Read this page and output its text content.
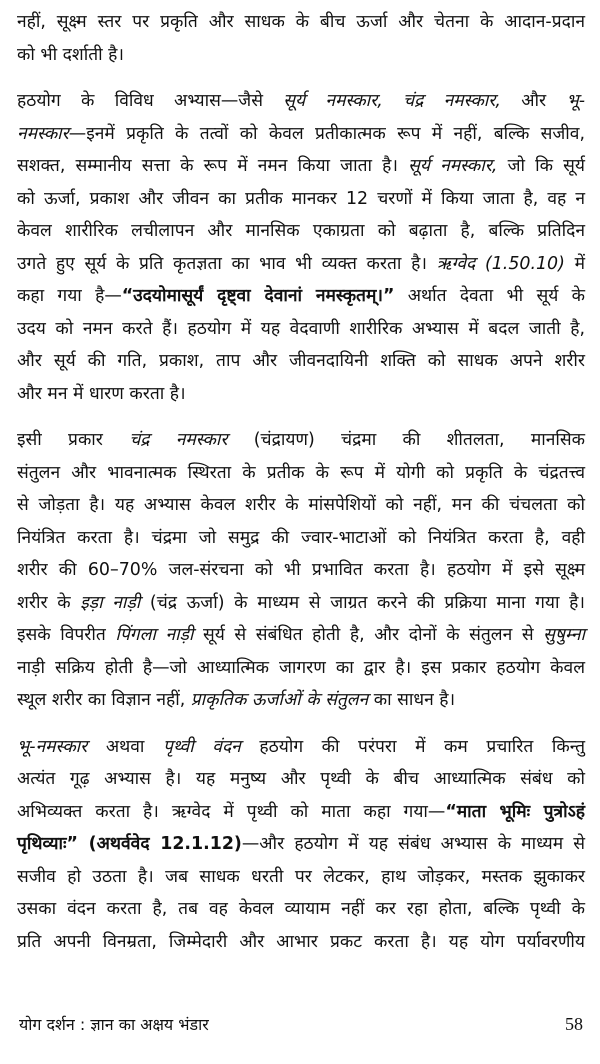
नहीं, सूक्ष्म स्तर पर प्रकृति और साधक के बीच ऊर्जा और चेतना के आदान-प्रदान
को भी दर्शाती है।
हठयोग के विविध अभ्यास—जैसे सूर्य नमस्कार, चंद्र नमस्कार, और भू-
नमस्कार—इनमें प्रकृति के तत्वों को केवल प्रतीकात्मक रूप में नहीं, बल्कि सजीव,
सशक्त, सम्मानीय सत्ता के रूप में नमन किया जाता है। सूर्य नमस्कार, जो कि सूर्य
को ऊर्जा, प्रकाश और जीवन का प्रतीक मानकर 12 चरणों में किया जाता है, वह न
केवल शारीरिक लचीलापन और मानसिक एकाग्रता को बढ़ाता है, बल्कि प्रतिदिन
उगते हुए सूर्य के प्रति कृतज्ञता का भाव भी व्यक्त करता है। ऋग्वेद (1.50.10) में
कहा गया है—“उदयोमासूर्यं दृष्ट्वा देवानां नमस्कृतम्।” अर्थात देवता भी सूर्य के
उदय को नमन करते हैं। हठयोग में यह वेदवाणी शारीरिक अभ्यास में बदल जाती है,
और सूर्य की गति, प्रकाश, ताप और जीवनदायिनी शक्ति को साधक अपने शरीर
और मन में धारण करता है।
इसी प्रकार चंद्र नमस्कार (चंद्रायण) चंद्रमा की शीतलता, मानसिक
संतुलन और भावनात्मक स्थिरता के प्रतीक के रूप में योगी को प्रकृति के चंद्रतत्त्व
से जोड़ता है। यह अभ्यास केवल शरीर के मांसपेशियों को नहीं, मन की चंचलता को
नियंत्रित करता है। चंद्रमा जो समुद्र की ज्वार-भाटाओं को नियंत्रित करता है, वही
शरीर की 60–70% जल-संरचना को भी प्रभावित करता है। हठयोग में इसे सूक्ष्म
शरीर के इड़ा नाड़ी (चंद्र ऊर्जा) के माध्यम से जाग्रत करने की प्रक्रिया माना गया है।
इसके विपरीत पिंगला नाड़ी सूर्य से संबंधित होती है, और दोनों के संतुलन से सुषुम्ना
नाड़ी सक्रिय होती है—जो आध्यात्मिक जागरण का द्वार है। इस प्रकार हठयोग केवल
स्थूल शरीर का विज्ञान नहीं, प्राकृतिक ऊर्जाओं के संतुलन का साधन है।
भू-नमस्कार अथवा पृथ्वी वंदन हठयोग की परंपरा में कम प्रचारित किन्तु
अत्यंत गूढ़ अभ्यास है। यह मनुष्य और पृथ्वी के बीच आध्यात्मिक संबंध को
अभिव्यक्त करता है। ऋग्वेद में पृथ्वी को माता कहा गया—“माता भूमिः पुत्रोऽहं
पृथिव्याः” (अथर्ववेद 12.1.12)—और हठयोग में यह संबंध अभ्यास के माध्यम से
सजीव हो उठता है। जब साधक धरती पर लेटकर, हाथ जोड़कर, मस्तक झुकाकर
उसका वंदन करता है, तब वह केवल व्यायाम नहीं कर रहा होता, बल्कि पृथ्वी के
प्रति अपनी विनम्रता, जिम्मेदारी और आभार प्रकट करता है। यह योग पर्यावरणीय
योग दर्शन : ज्ञान का अक्षय भंडार	58
